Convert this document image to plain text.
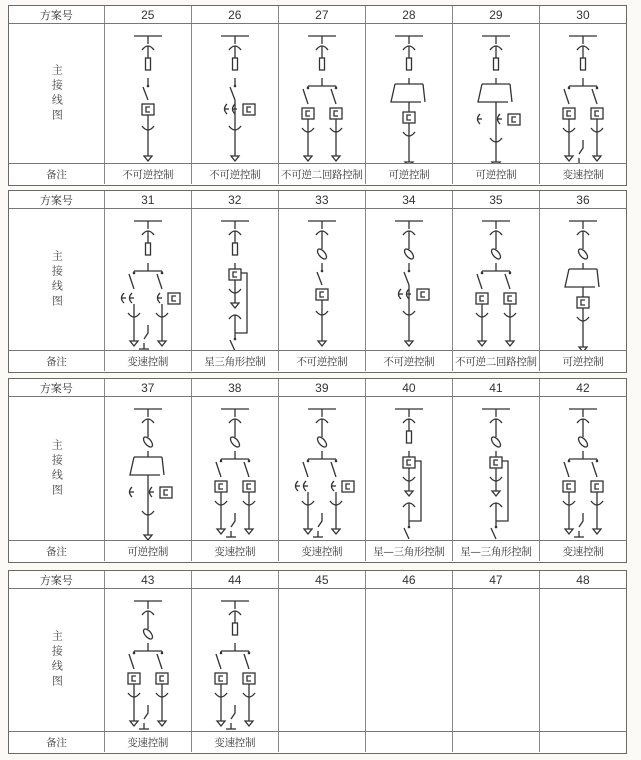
方案号	25	26	27	28	29	30
主接线图
备注	不可逆控制	不可逆控制	不可逆二回路控制	可逆控制	可逆控制	变速控制
方案号	31	32	33	34	35	36
主接线图
备注	变速控制	星三角形控制	不可逆控制	不可逆控制	不可逆二回路控制	可逆控制
方案号	37	38	39	40	41	42
主接线图
备注	可逆控制	变速控制	变速控制	星—三角形控制	星—三角形控制	变速控制
方案号	43	44	45	46	47	48
主接线图
备注	变速控制	变速控制
